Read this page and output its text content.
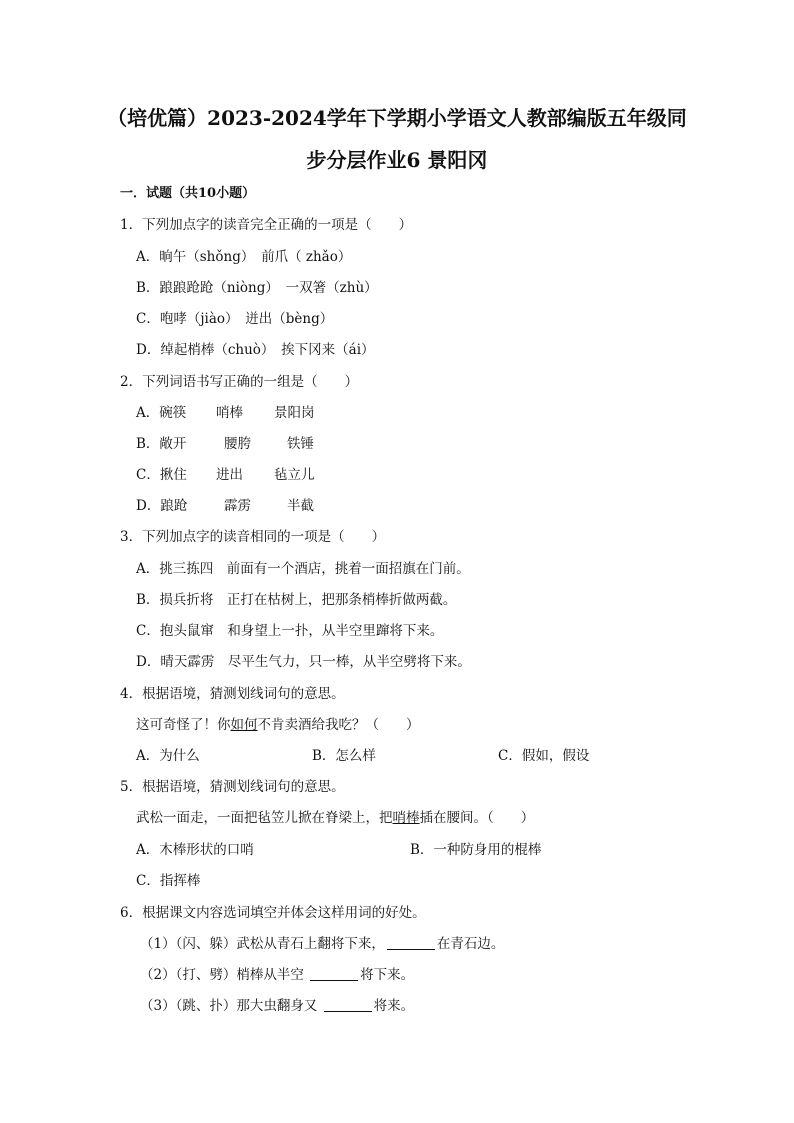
（培优篇）2023-2024学年下学期小学语文人教部编版五年级同
步分层作业6 景阳冈
一．试题（共10小题）
1．下列加点字的读音完全正确的一项是（　　）
A．晌午（shǒng）　前爪（ zhǎo）
B．踉踉跄跄（niòng）　一双箸（zhù）
C．咆哮（jiào）　迸出（bèng）
D．绰起梢棒（chuò）　挨下冈来（ái）
2．下列词语书写正确的一组是（　　）
A．碗筷 哨棒 景阳岗
B．敞开	腰胯	铁锤
C．揪住 进出 毡立儿
D．踉跄	霹雳	半截
3．下列加点字的读音相同的一项是（　　）
A．挑三拣四　前面有一个酒店，挑着一面招旗在门前。
B．损兵折将　正打在枯树上，把那条梢棒折做两截。
C．抱头鼠窜　和身望上一扑，从半空里蹿将下来。
D．晴天霹雳　尽平生气力，只一棒，从半空劈将下来。
4．根据语境，猜测划线词句的意思。
这可奇怪了！你如何不肯卖酒给我吃？（　　）
A．为什么	B．怎么样	C．假如，假设
5．根据语境，猜测划线词句的意思。
武松一面走，一面把毡笠儿掀在脊梁上，把哨棒插在腰间。（　　）
A．木棒形状的口哨	B．一种防身用的棍棒
C．指挥棒
6．根据课文内容选词填空并体会这样用词的好处。
（1）（闪、躲）武松从青石上翻将下来，	在青石边。
（2）（打、劈）梢棒从半空	将下来。
（3）（跳、扑）那大虫翻身又	将来。
